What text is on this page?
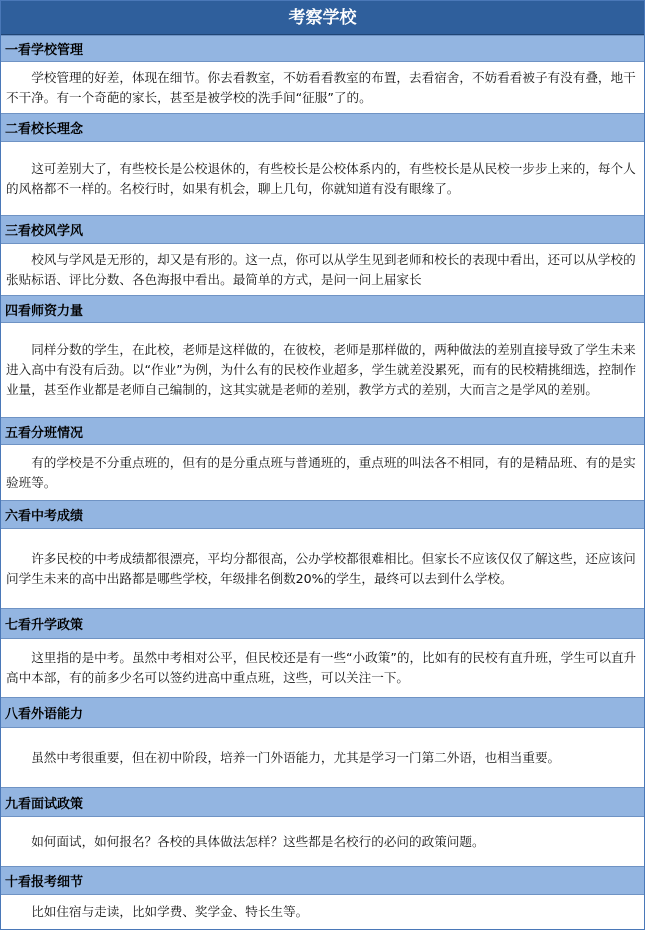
考察学校
一看学校管理
学校管理的好差，体现在细节。你去看教室，不妨看看教室的布置，去看宿舍，不妨看看被子有没有叠，地干不干净。有一个奇葩的家长，甚至是被学校的洗手间“征服”了的。
二看校长理念
这可差别大了，有些校长是公校退休的，有些校长是公校体系内的，有些校长是从民校一步步上来的，每个人的风格都不一样的。名校行时，如果有机会，聊上几句，你就知道有没有眼缘了。
三看校风学风
校风与学风是无形的，却又是有形的。这一点，你可以从学生见到老师和校长的表现中看出，还可以从学校的张贴标语、评比分数、各色海报中看出。最简单的方式，是问一问上届家长
四看师资力量
同样分数的学生，在此校，老师是这样做的，在彼校，老师是那样做的，两种做法的差别直接导致了学生未来进入高中有没有后劲。以“作业”为例，为什么有的民校作业超多，学生就差没累死，而有的民校精挑细选，控制作业量，甚至作业都是老师自己编制的，这其实就是老师的差别，教学方式的差别，大而言之是学风的差别。
五看分班情况
有的学校是不分重点班的，但有的是分重点班与普通班的，重点班的叫法各不相同，有的是精品班、有的是实验班等。
六看中考成绩
许多民校的中考成绩都很漂亮，平均分都很高，公办学校都很难相比。但家长不应该仅仅了解这些，还应该问问学生未来的高中出路都是哪些学校，年级排名倒数20%的学生，最终可以去到什么学校。
七看升学政策
这里指的是中考。虽然中考相对公平，但民校还是有一些“小政策”的，比如有的民校有直升班，学生可以直升高中本部，有的前多少名可以签约进高中重点班，这些，可以关注一下。
八看外语能力
虽然中考很重要，但在初中阶段，培养一门外语能力，尤其是学习一门第二外语，也相当重要。
九看面试政策
如何面试，如何报名？各校的具体做法怎样？这些都是名校行的必问的政策问题。
十看报考细节
比如住宿与走读，比如学费、奖学金、特长生等。
